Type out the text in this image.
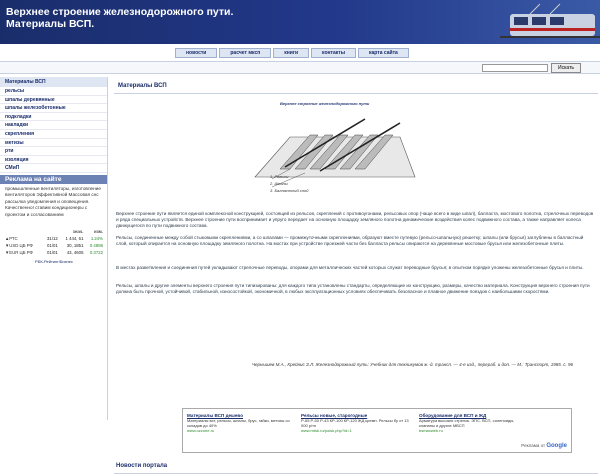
Верхнее строение железнодорожного пути.
Материалы ВСП.
новости	расчет мксп	книги	контакты	карта сайта
Искать
Материалы ВСП
рельсы
шпалы деревянные
шпалы железобетонные
подкладки
накладки
скрепления
метизы
рти
изоляция
СМиП
Реклама на сайте
промышленные вентиляторы, изготовление вентиляторов Эффективной Массовая снс рассылка уведомления и оповещения. Качественно! ставим кондиционеры с проектом и согласованием
		знач.	изм.
▲РТС	31/12	1 444, 61	1.24%
▼USD ЦБ РФ	01/01	30, 1851	0.4886
▼EUR ЦБ РФ	01/01	43, 4605	0.3722
РБК-Рейтинг/Бизнес			
Материалы ВСП
Верхнее строение железнодорожного пути
1. Рельсы
2. Шпалы
3. Балластный слой

Верхнее строение пути является единой комплексной конструкцией, состоящей из рельсов, скреплений с противоугонами, рельсовых опор (чаще всего в виде шпал), балласта, мостового полотна, стрелочных переводов и ряда специальных устройств. Верхнее строение пути воспринимает и упруго передает на основную площадку земляного полотна динамические воздействия колес подвижного состава, а также направляет колеса движущегося по пути подвижного состава.

Рельсы, соединенные между собой стыковыми скреплениями, а со шпалами — промежуточными скреплениями, образуют вместе путевую (рельсо-шпальную) решетку; шпалы (или брусья) заглублены в балластный слой, который опирается на основную площадку земляного полотна. На мостах при устройстве проезжей части без балласта рельсы опираются на деревянные мостовые брусья или железобетонные плиты.

В местах разветвления и соединения путей укладывают стрелочные переводы, опорами для металлических частей которых служат переводные брусья; в опытном порядке уложены железобетонные брусья и плиты.

Рельсы, шпалы и другие элементы верхнего строения пути типизированы: для каждого типа установлены стандарты, определяющие их конструкцию, размеры, качество материала. Конструкция верхнего строения пути должна быть прочной, устойчивой, стабильной, износостойкой, экономичной, в любых эксплуатационных условиях обеспечивать безопасное и плавное движение поездов с наибольшими скоростями.

Чернышев М.А., Крейнис З.Л. Железнодорожный путь: Учебник для техникумов ж.-д. трансп. — 4-е изд., перераб. и доп. — М.: Транспорт, 1985. с. 96
Материалы ВСП дешево
Материалы вст, рельсы, шпалы, брус, гайки, метизы со складов до 40%
www.ozzone.ru
Рельсы новые, старогодные
Р-65 Р-50 Р-43 КР-100 КР-120 ЖД кремн. Рельсы бу от 13 000 р/тн
www.mtsk.ru/poisk.php?id=1
Оборудование для ВСП и ЖД
Арматура высоких стрелок. ЭПС. ВСП, соленоиды, клапаны и другие МВСП
bsmaxweb.ru
Реклама от Google
Новости портала
